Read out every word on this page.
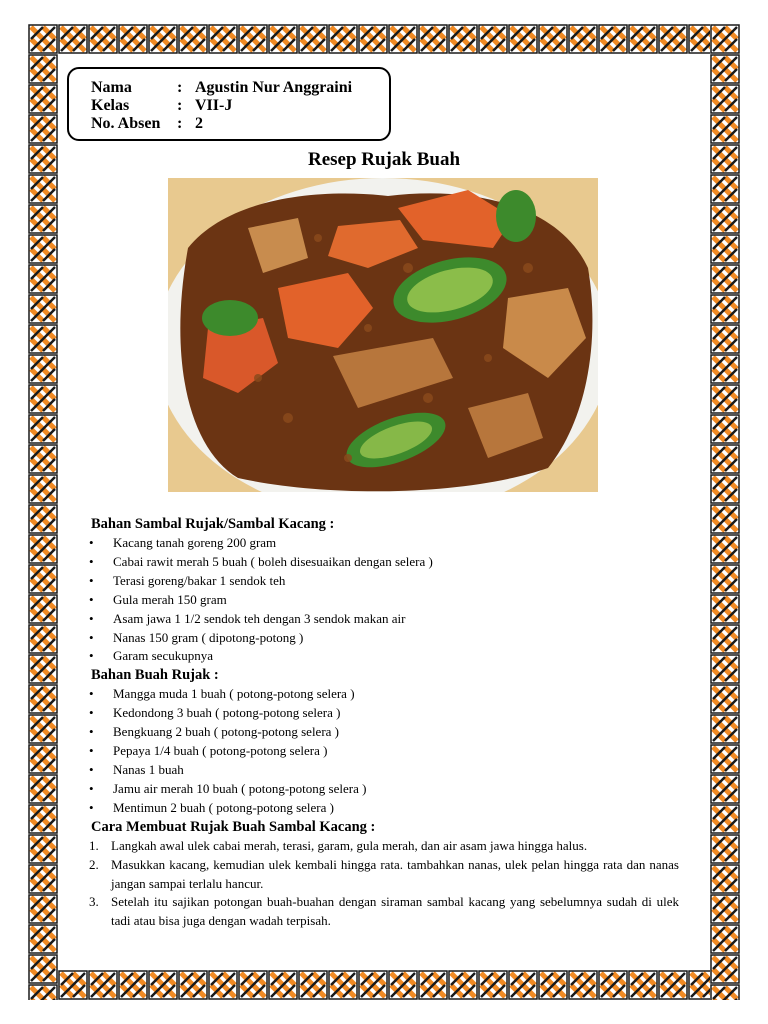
Nama	: Agustin Nur Anggraini
Kelas	: VII-J
No. Absen	: 2
Resep Rujak Buah
Bahan Sambal Rujak/Sambal Kacang :
• Kacang tanah goreng 200 gram
• Cabai rawit merah 5 buah ( boleh disesuaikan dengan selera )
• Terasi goreng/bakar 1 sendok teh
• Gula merah 150 gram
• Asam jawa 1 1/2 sendok teh dengan 3 sendok makan air
• Nanas 150 gram ( dipotong-potong )
• Garam secukupnya
Bahan Buah Rujak :
• Mangga muda 1 buah ( potong-potong selera )
• Kedondong 3 buah ( potong-potong selera )
• Bengkuang 2 buah ( potong-potong selera )
• Pepaya 1/4 buah ( potong-potong selera )
• Nanas 1 buah
• Jamu air merah 10 buah ( potong-potong selera )
• Mentimun 2 buah ( potong-potong selera )
Cara Membuat Rujak Buah Sambal Kacang :
1. Langkah awal ulek cabai merah, terasi, garam, gula merah, dan air asam jawa hingga halus.
2. Masukkan kacang, kemudian ulek kembali hingga rata. tambahkan nanas, ulek pelan hingga rata dan nanas jangan sampai terlalu hancur.
3. Setelah itu sajikan potongan buah-buahan dengan siraman sambal kacang yang sebelumnya sudah di ulek tadi atau bisa juga dengan wadah terpisah.
